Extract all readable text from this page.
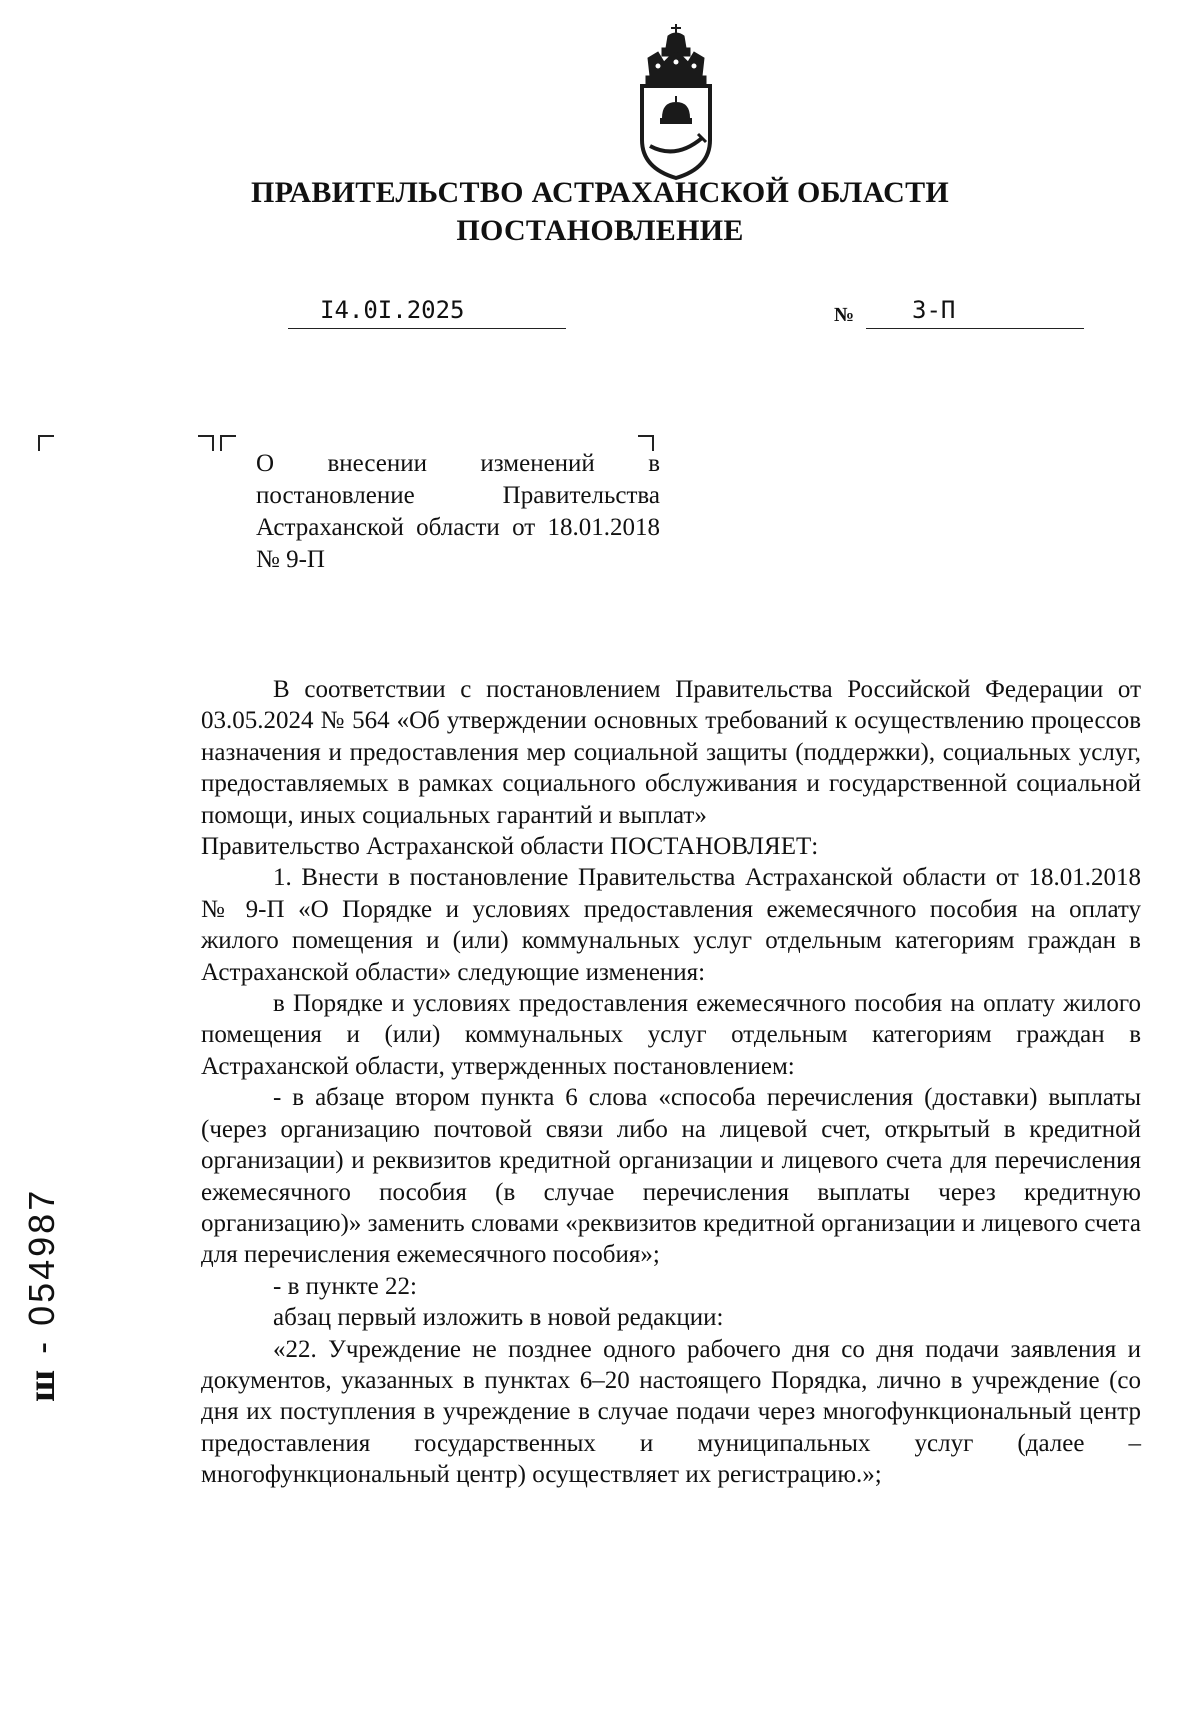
ПРАВИТЕЛЬСТВО АСТРАХАНСКОЙ ОБЛАСТИ
ПОСТАНОВЛЕНИЕ
I4.0I.2025	№ 3-П
О внесении изменений в постановление Правительства Астраханской области от 18.01.2018 № 9-П

В соответствии с постановлением Правительства Российской Федерации от 03.05.2024 № 564 «Об утверждении основных требований к осуществлению процессов назначения и предоставления мер социальной защиты (поддержки), социальных услуг, предоставляемых в рамках социального обслуживания и государственной социальной помощи, иных социальных гарантий и выплат»

Правительство Астраханской области ПОСТАНОВЛЯЕТ:

1. Внести в постановление Правительства Астраханской области от 18.01.2018 № 9-П «О Порядке и условиях предоставления ежемесячного пособия на оплату жилого помещения и (или) коммунальных услуг отдельным категориям граждан в Астраханской области» следующие изменения:

в Порядке и условиях предоставления ежемесячного пособия на оплату жилого помещения и (или) коммунальных услуг отдельным категориям граждан в Астраханской области, утвержденных постановлением:

- в абзаце втором пункта 6 слова «способа перечисления (доставки) выплаты (через организацию почтовой связи либо на лицевой счет, открытый в кредитной организации) и реквизитов кредитной организации и лицевого счета для перечисления ежемесячного пособия (в случае перечисления выплаты через кредитную организацию)» заменить словами «реквизитов кредитной организации и лицевого счета для перечисления ежемесячного пособия»;

- в пункте 22:

абзац первый изложить в новой редакции:

«22. Учреждение не позднее одного рабочего дня со дня подачи заявления и документов, указанных в пунктах 6–20 настоящего Порядка, лично в учреждение (со дня их поступления в учреждение в случае подачи через многофункциональный центр предоставления государственных и муниципальных услуг (далее – многофункциональный центр) осуществляет их регистрацию.»;

ш - 054987
